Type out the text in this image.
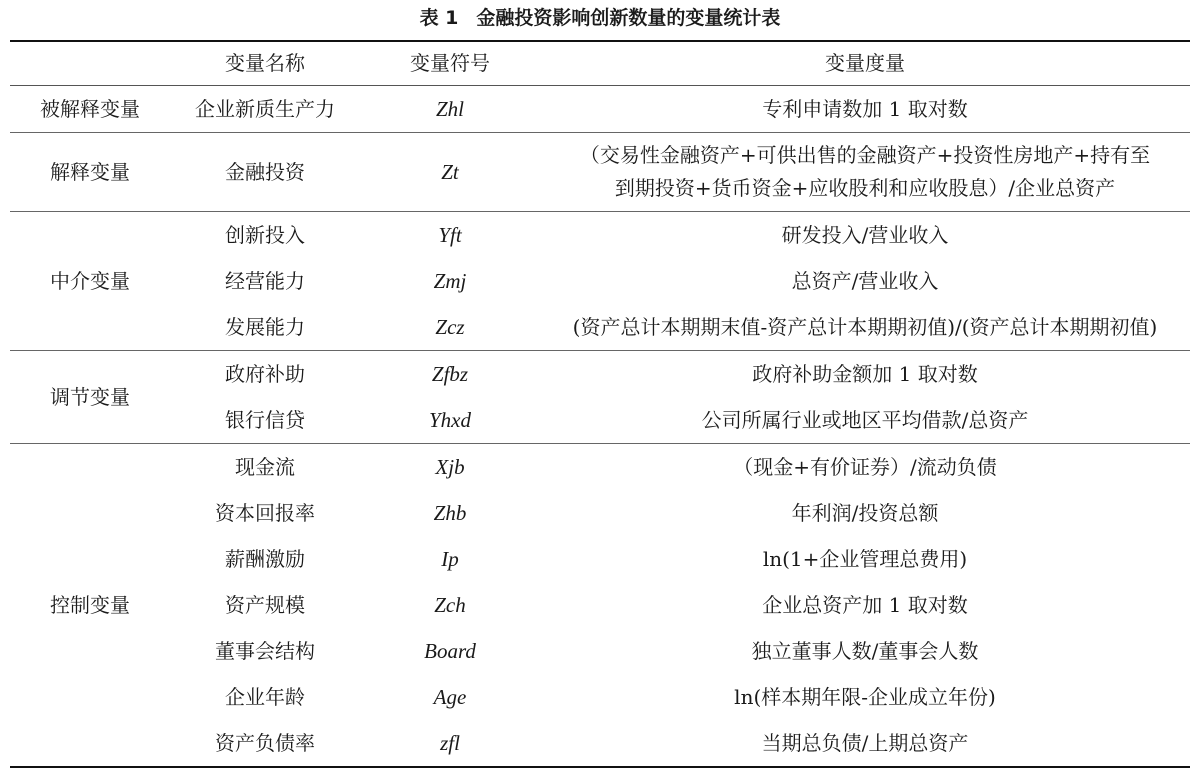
表 1 金融投资影响创新数量的变量统计表
	变量名称	变量符号	变量度量
被解释变量	企业新质生产力	Zhl	专利申请数加 1 取对数
解释变量	金融投资	Zt	（交易性金融资产+可供出售的金融资产+投资性房地产+持有至
到期投资+货币资金+应收股利和应收股息）/企业总资产

中介变量	创新投入	Yft	研发投入/营业收入
	经营能力	Zmj	总资产/营业收入
	发展能力	Zcz	(资产总计本期期末值-资产总计本期期初值)/(资产总计本期期初值)
调节变量	政府补助	Zfbz	政府补助金额加 1 取对数
	银行信贷	Yhxd	公司所属行业或地区平均借款/总资产
控制变量	现金流	Xjb	（现金+有价证券）/流动负债
	资本回报率	Zhb	年利润/投资总额
	薪酬激励	Ip	ln(1+企业管理总费用)
	资产规模	Zch	企业总资产加 1 取对数
	董事会结构	Board	独立董事人数/董事会人数
	企业年龄	Age	ln(样本期年限-企业成立年份)
	资产负债率	zfl	当期总负债/上期总资产
